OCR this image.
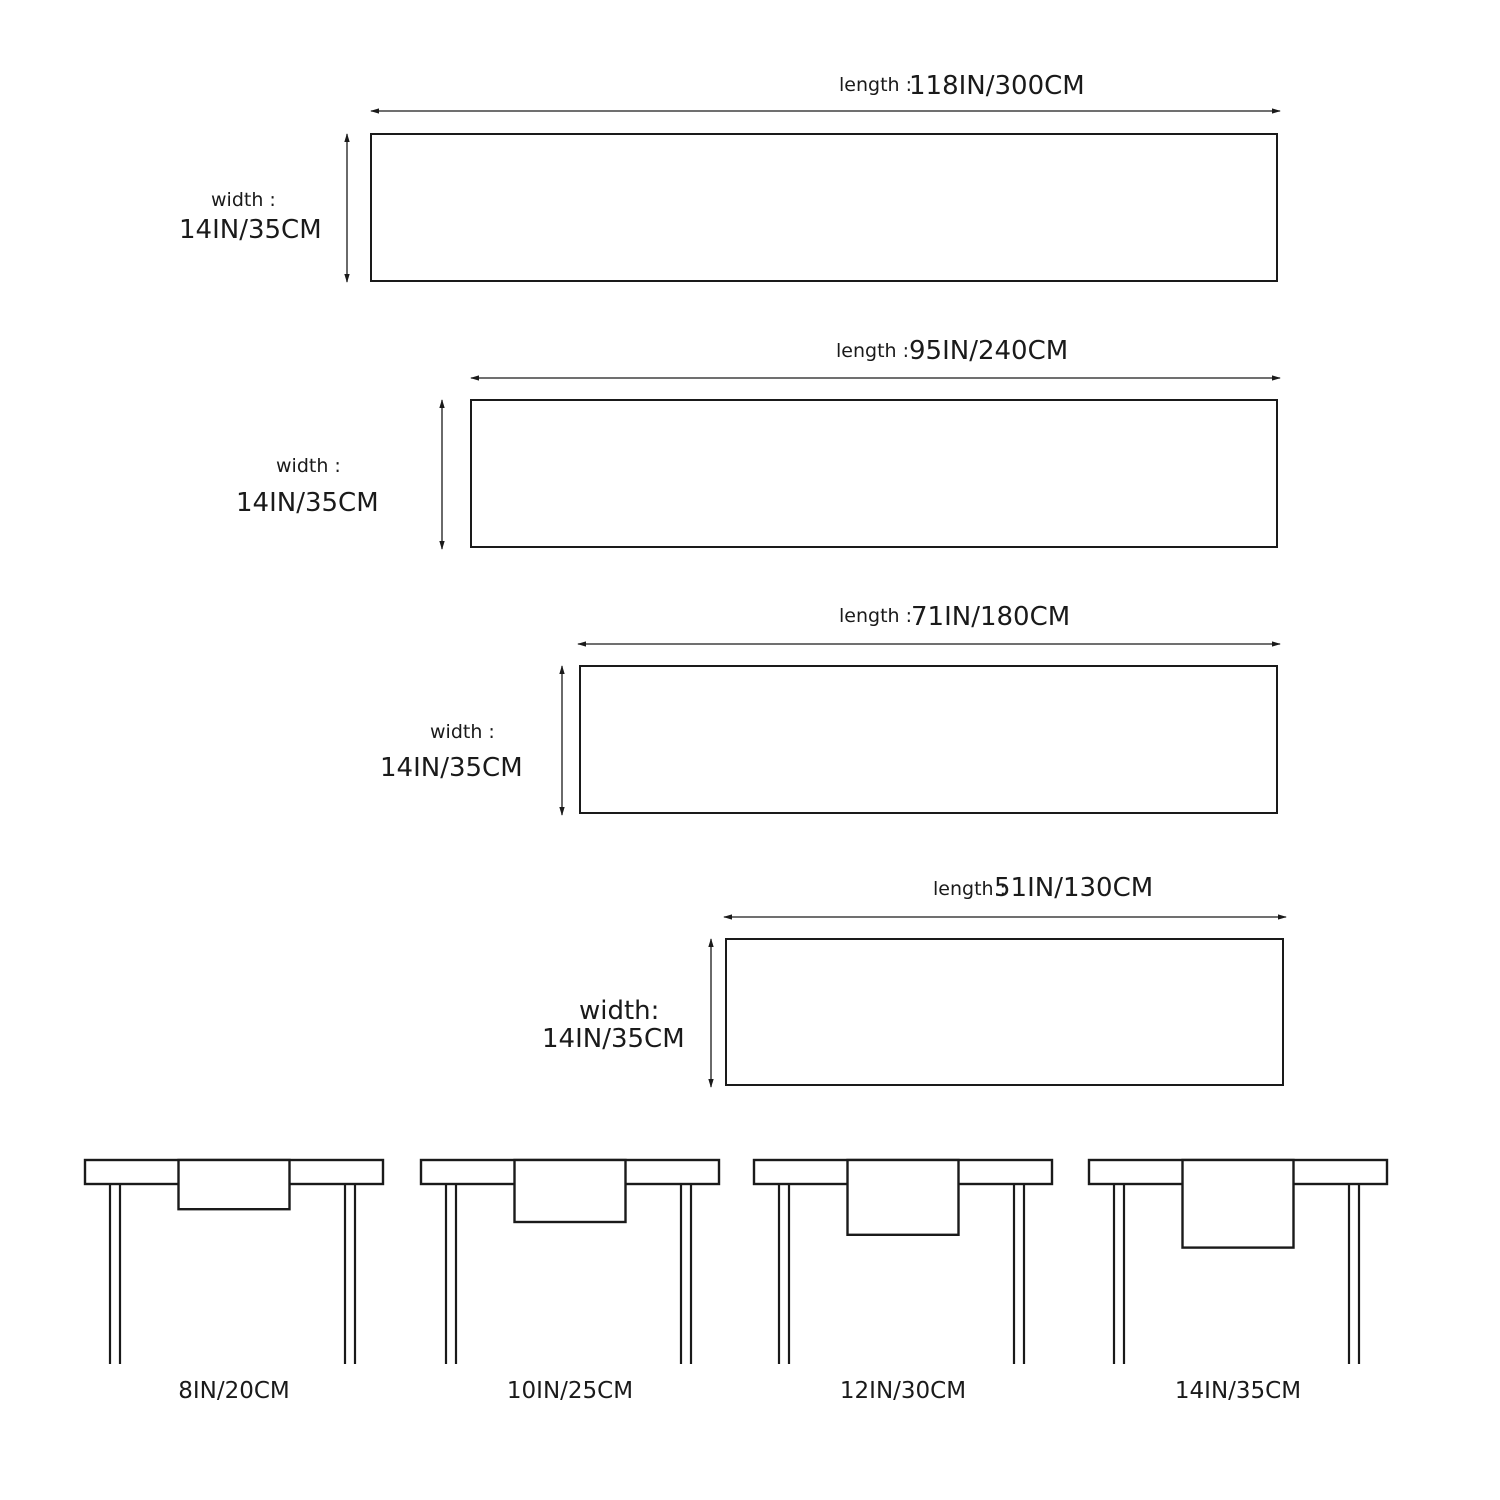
length :
118IN/300CM
width :
14IN/35CM
length : 95IN/240CM
width :
14IN/35CM
length :
71IN/180CM
width :
14IN/35CM
length :
51IN/130CM
width:
14IN/35CM
8IN/20CM	10IN/25CM	12IN/30CM	14IN/35CM
